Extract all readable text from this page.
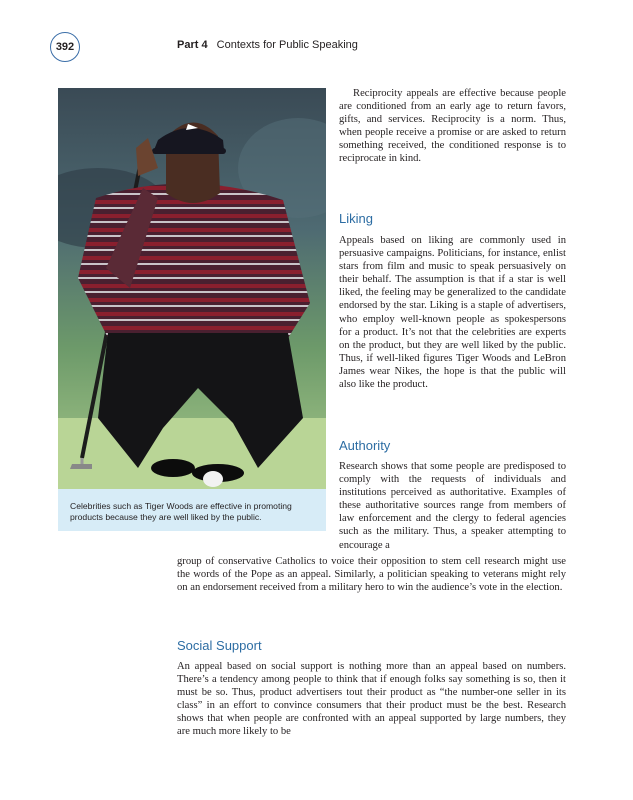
392	Part 4 Contexts for Public Speaking
Celebrities such as Tiger Woods are effective in promoting products because they are well liked by the public.

Reciprocity appeals are effective because people are conditioned from an early age to return favors, gifts, and services. Reciprocity is a norm. Thus, when people receive a promise or are asked to return something received, the conditioned response is to reciprocate in kind.

Liking

Appeals based on liking are commonly used in persuasive campaigns. Politicians, for instance, enlist stars from film and music to speak persuasively on their behalf. The assumption is that if a star is well liked, the feeling may be generalized to the candidate endorsed by the star. Liking is a staple of advertisers, who employ well-known people as spokespersons for a product. It’s not that the celebrities are experts on the product, but they are well liked by the public. Thus, if well-liked figures Tiger Woods and LeBron James wear Nikes, the hope is that the public will also like the product.

Authority

Research shows that some people are predisposed to comply with the requests of individuals and institutions perceived as authoritative. Examples of these authoritative sources range from members of law enforcement and the clergy to federal agencies such as the military. Thus, a speaker attempting to encourage a

group of conservative Catholics to voice their opposition to stem cell research might use the words of the Pope as an appeal. Similarly, a politician speaking to veterans might rely on an endorsement received from a military hero to win the audience’s vote in the election.

Social Support

An appeal based on social support is nothing more than an appeal based on numbers. There’s a tendency among people to think that if enough folks say something is so, then it must be so. Thus, product advertisers tout their product as “the number-one seller in its class” in an effort to convince consumers that their product must be the best. Research shows that when people are confronted with an appeal supported by large numbers, they are much more likely to be
